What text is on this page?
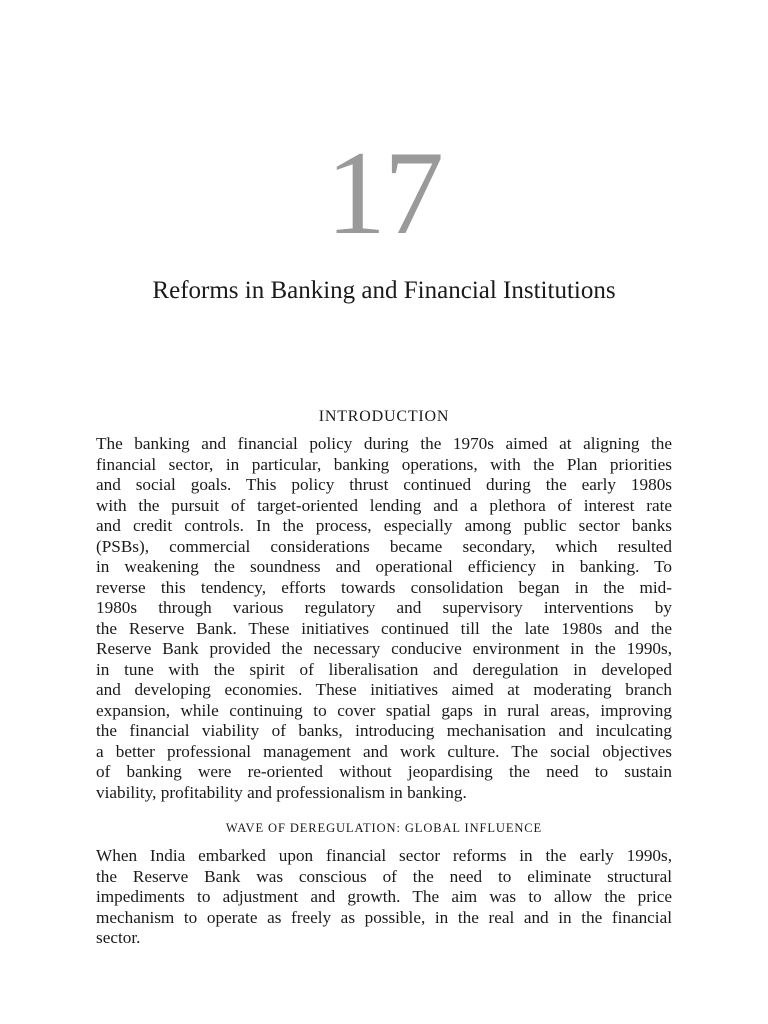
17
Reforms in Banking and Financial Institutions
INTRODUCTION
The banking and financial policy during the 1970s aimed at aligning the
financial sector, in particular, banking operations, with the Plan priorities
and social goals. This policy thrust continued during the early 1980s
with the pursuit of target-oriented lending and a plethora of interest rate
and credit controls. In the process, especially among public sector banks
(PSBs), commercial considerations became secondary, which resulted
in weakening the soundness and operational efficiency in banking. To
reverse this tendency, efforts towards consolidation began in the mid-
1980s through various regulatory and supervisory interventions by
the Reserve Bank. These initiatives continued till the late 1980s and the
Reserve Bank provided the necessary conducive environment in the 1990s,
in tune with the spirit of liberalisation and deregulation in developed
and developing economies. These initiatives aimed at moderating branch
expansion, while continuing to cover spatial gaps in rural areas, improving
the financial viability of banks, introducing mechanisation and inculcating
a better professional management and work culture. The social objectives
of banking were re-oriented without jeopardising the need to sustain
viability, profitability and professionalism in banking.
WAVE OF DEREGULATION: GLOBAL INFLUENCE
When India embarked upon financial sector reforms in the early 1990s,
the Reserve Bank was conscious of the need to eliminate structural
impediments to adjustment and growth. The aim was to allow the price
mechanism to operate as freely as possible, in the real and in the financial
sector.
